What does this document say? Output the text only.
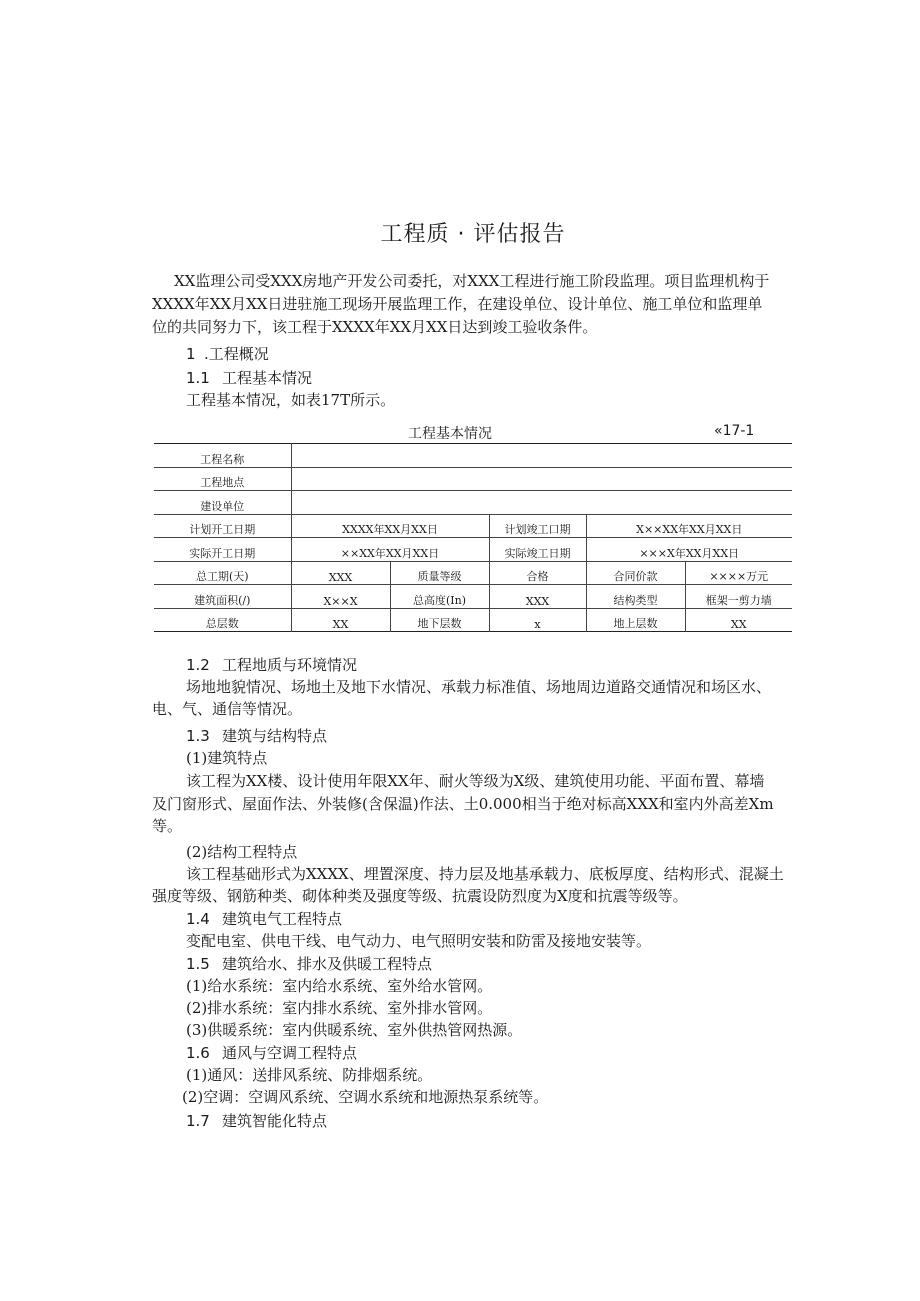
工程质 · 评估报告
XX监理公司受XXX房地产开发公司委托，对XXX工程进行施工阶段监理。项目监理机构于
XXXX年XX月XX日进驻施工现场开展监理工作，在建设单位、设计单位、施工单位和监理单
位的共同努力下，该工程于XXXX年XX月XX日达到竣工验收条件。
1 .工程概况
1.1 工程基本情况
工程基本情况，如表17T所示。
工程基本情况	«17-1
工程名称					
工程地点					
建设单位					
计划开工日期	XXXX年XX月XX日		计划竣工口期	X××XX年XX月XX日	
实际开工日期	××XX年XX月XX日		实际竣工日期	×××X年XX月XX日	
总工期(天)	XXX	质量等级	合格	合同价款	××××万元
建筑面积(/)	X××X	总高度(In)	XXX	结构类型	框架一剪力墙
总层数	XX	地下层数	x	地上层数	XX
1.2 工程地质与环境情况
场地地貌情况、场地土及地下水情况、承载力标准值、场地周边道路交通情况和场区水、
电、气、通信等情况。
1.3 建筑与结构特点
(1)建筑特点
该工程为XX楼、设计使用年限XX年、耐火等级为X级、建筑使用功能、平面布置、幕墙
及门窗形式、屋面作法、外装修(含保温)作法、土0.000相当于绝对标高XXX和室内外高差Xm
等。
(2)结构工程特点
该工程基础形式为XXXX、埋置深度、持力层及地基承载力、底板厚度、结构形式、混凝土
强度等级、钢筋种类、砌体种类及强度等级、抗震设防烈度为X度和抗震等级等。
1.4 建筑电气工程特点
变配电室、供电干线、电气动力、电气照明安装和防雷及接地安装等。
1.5 建筑给水、排水及供暖工程特点
(1)给水系统：室内给水系统、室外给水管网。
(2)排水系统：室内排水系统、室外排水管网。
(3)供暖系统：室内供暖系统、室外供热管网热源。
1.6 通风与空调工程特点
(1)通风：送排风系统、防排烟系统。
(2)空调：空调风系统、空调水系统和地源热泵系统等。
1.7 建筑智能化特点
